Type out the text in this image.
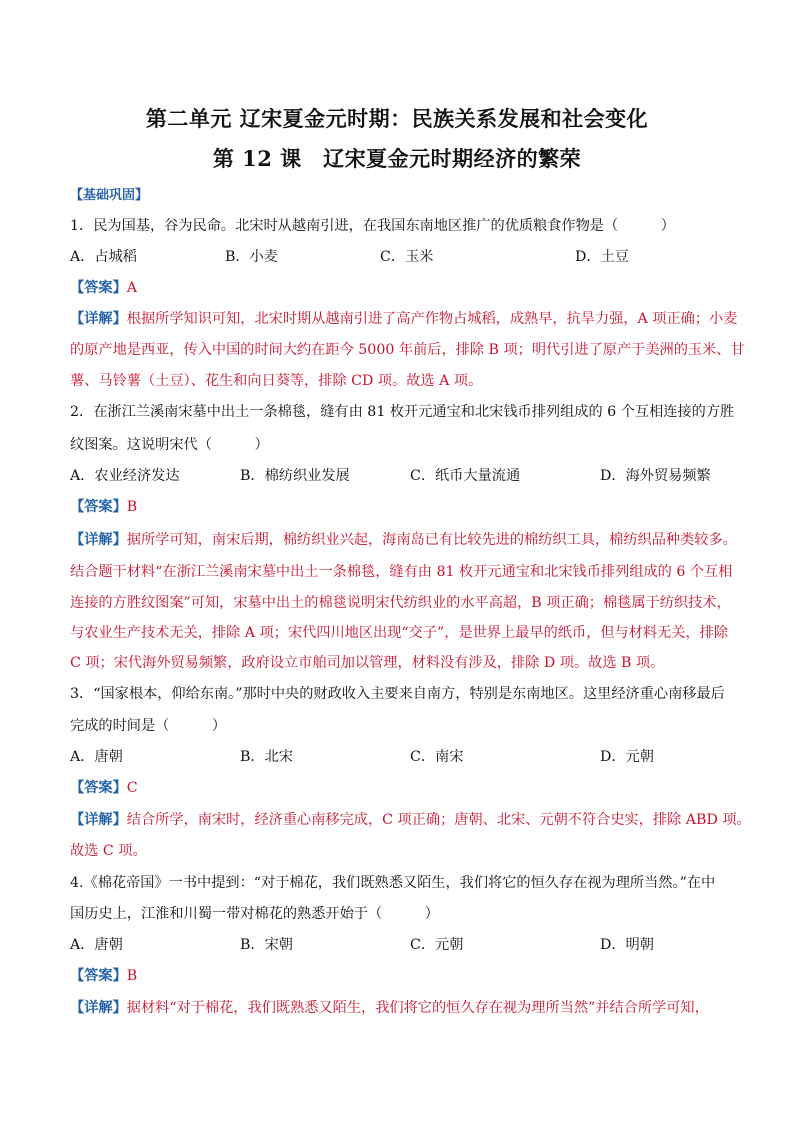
第二单元 辽宋夏金元时期：民族关系发展和社会变化
第 12 课　辽宋夏金元时期经济的繁荣
【基础巩固】
1．民为国基，谷为民命。北宋时从越南引进，在我国东南地区推广的优质粮食作物是（　　　）
A．占城稻	B．小麦	C．玉米	D．土豆
【答案】A
【详解】根据所学知识可知，北宋时期从越南引进了高产作物占城稻，成熟早，抗旱力强，A 项正确；小麦
的原产地是西亚，传入中国的时间大约在距今 5000 年前后，排除 B 项；明代引进了原产于美洲的玉米、甘
薯、马铃薯（土豆）、花生和向日葵等，排除 CD 项。故选 A 项。
2．在浙江兰溪南宋墓中出土一条棉毯，缝有由 81 枚开元通宝和北宋钱币排列组成的 6 个互相连接的方胜
纹图案。这说明宋代（　　　）
A．农业经济发达	B．棉纺织业发展	C．纸币大量流通	D．海外贸易频繁
【答案】B
【详解】据所学可知，南宋后期，棉纺织业兴起，海南岛已有比较先进的棉纺织工具，棉纺织品种类较多。
结合题干材料“在浙江兰溪南宋墓中出土一条棉毯，缝有由 81 枚开元通宝和北宋钱币排列组成的 6 个互相
连接的方胜纹图案”可知，宋墓中出土的棉毯说明宋代纺织业的水平高超，B 项正确；棉毯属于纺织技术，
与农业生产技术无关，排除 A 项；宋代四川地区出现“交子”，是世界上最早的纸币，但与材料无关，排除
C 项；宋代海外贸易频繁，政府设立市舶司加以管理，材料没有涉及，排除 D 项。故选 B 项。
3．“国家根本，仰给东南。”那时中央的财政收入主要来自南方，特别是东南地区。这里经济重心南移最后
完成的时间是（　　　）
A．唐朝	B．北宋	C．南宋	D．元朝
【答案】C
【详解】结合所学，南宋时，经济重心南移完成，C 项正确；唐朝、北宋、元朝不符合史实，排除 ABD 项。
故选 C 项。
4.《棉花帝国》一书中提到：“对于棉花，我们既熟悉又陌生，我们将它的恒久存在视为理所当然。”在中
国历史上，江淮和川蜀一带对棉花的熟悉开始于（　　　）
A．唐朝	B．宋朝	C．元朝	D．明朝
【答案】B
【详解】据材料“对于棉花，我们既熟悉又陌生，我们将它的恒久存在视为理所当然”并结合所学可知，
